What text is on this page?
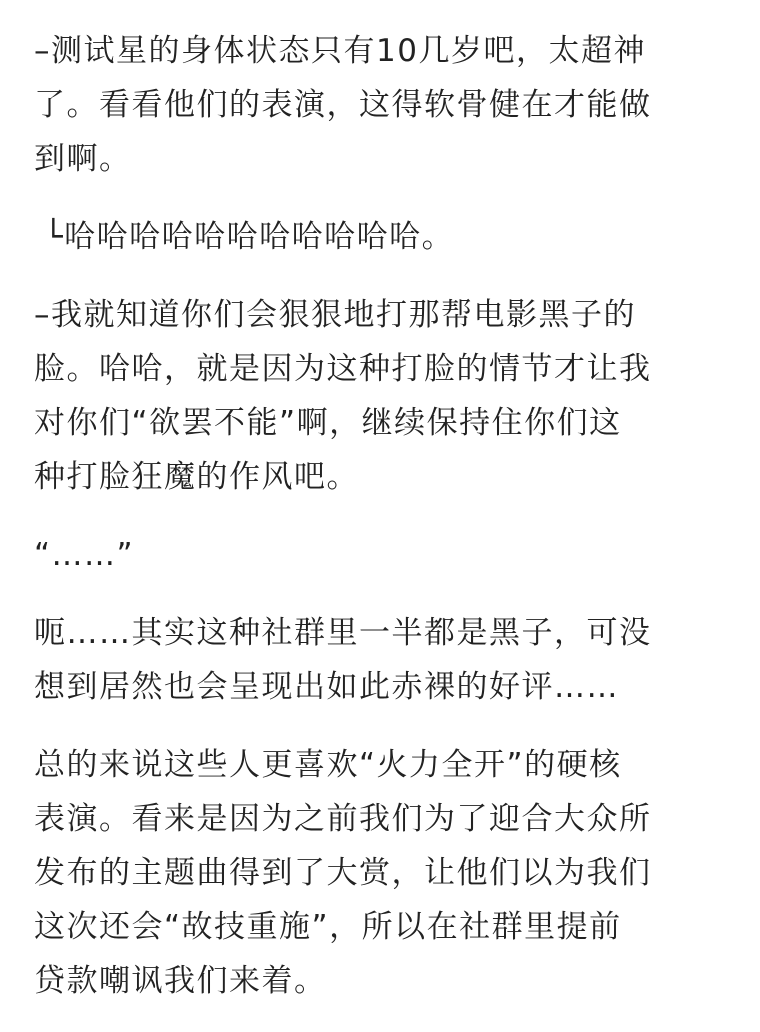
–测试星的身体状态只有10几岁吧，太超神
了。看看他们的表演，这得软骨健在才能做
到啊。
└哈哈哈哈哈哈哈哈哈哈哈。
–我就知道你们会狠狠地打那帮电影黑子的
脸。哈哈，就是因为这种打脸的情节才让我
对你们“欲罢不能”啊，继续保持住你们这
种打脸狂魔的作风吧。
“……”
呃……其实这种社群里一半都是黑子，可没
想到居然也会呈现出如此赤裸的好评……
总的来说这些人更喜欢“火力全开”的硬核
表演。看来是因为之前我们为了迎合大众所
发布的主题曲得到了大赏，让他们以为我们
这次还会“故技重施”，所以在社群里提前
贷款嘲讽我们来着。
